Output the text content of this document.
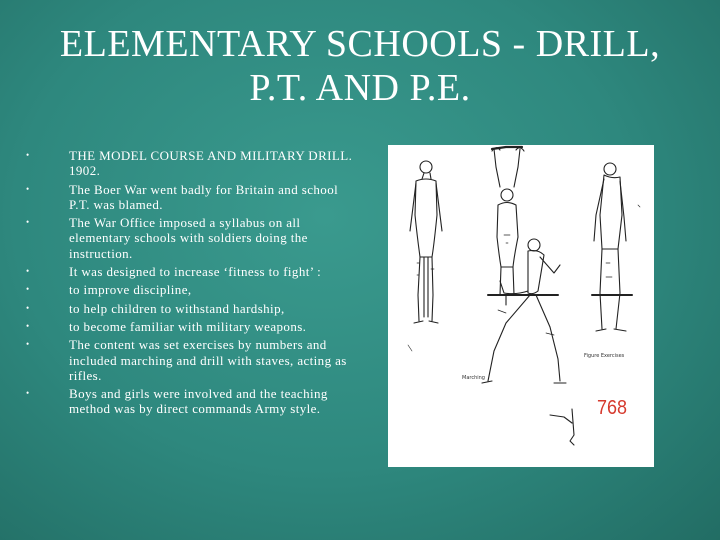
ELEMENTARY SCHOOLS - DRILL,
P.T. AND P.E.
•	THE MODEL COURSE AND MILITARY DRILL. 1902.
•	The Boer War went badly for Britain and school P.T. was blamed.
•	The War Office imposed a syllabus on all elementary schools with soldiers doing the instruction.
•	It was designed to increase ‘fitness to fight’ :
•	to improve discipline,
•	to help children to withstand hardship,
•	to become familiar with military weapons.
•	The content was set exercises by numbers and included marching and drill with staves, acting as rifles.
•	Boys and girls were involved and the teaching method was by direct commands Army style.
Marching
Figure Exercises
768
